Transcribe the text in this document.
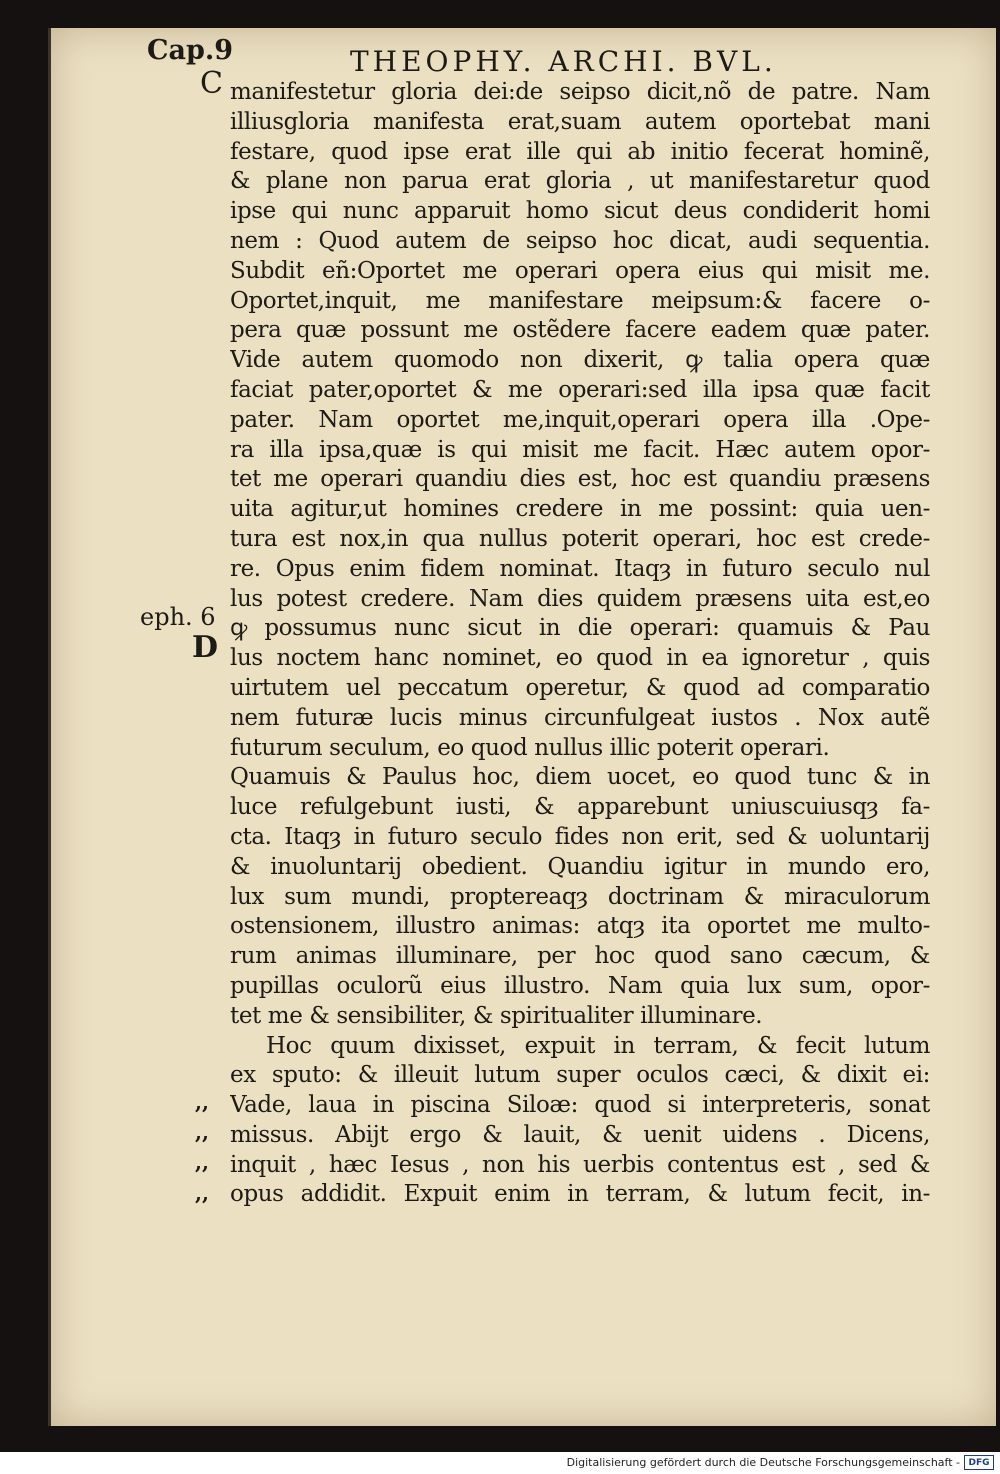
Cap.9	THEOPHY. ARCHI. BVL.
C
eph. 6
D
,,
,,
,,
,,
manifestetur gloria dei:de seipso dicit,nõ de patre. Nam
illiusgloria manifesta erat,suam autem oportebat mani
festare, quod ipse erat ille qui ab initio fecerat hominẽ,
& plane non parua erat gloria , ut manifestaretur quod
ipse qui nunc apparuit homo sicut deus condiderit homi
nem : Quod autem de seipso hoc dicat, audi sequentia.
Subdit eñ:Oportet me operari opera eius qui misit me.
Oportet,inquit, me manifestare meipsum:& facere o-
pera quæ possunt me ostẽdere facere eadem quæ pater.
Vide autem quomodo non dixerit, ꝙ talia opera quæ
faciat pater,oportet & me operari:sed illa ipsa quæ facit
pater. Nam oportet me,inquit,operari opera illa .Ope-
ra illa ipsa,quæ is qui misit me facit. Hæc autem opor-
tet me operari quandiu dies est, hoc est quandiu præsens
uita agitur,ut homines credere in me possint: quia uen-
tura est nox,in qua nullus poterit operari, hoc est crede-
re. Opus enim fidem nominat. Itaqȝ in futuro seculo nul
lus potest credere. Nam dies quidem præsens uita est,eo
ꝙ possumus nunc sicut in die operari: quamuis & Pau
lus noctem hanc nominet, eo quod in ea ignoretur , quis
uirtutem uel peccatum operetur, & quod ad comparatio
nem futuræ lucis minus circunfulgeat iustos . Nox autẽ
futurum seculum, eo quod nullus illic poterit operari.
Quamuis & Paulus hoc, diem uocet, eo quod tunc & in
luce refulgebunt iusti, & apparebunt uniuscuiusqȝ fa-
cta. Itaqȝ in futuro seculo fides non erit, sed & uoluntarij
& inuoluntarij obedient. Quandiu igitur in mundo ero,
lux sum mundi, proptereaqȝ doctrinam & miraculorum
ostensionem, illustro animas: atqȝ ita oportet me multo-
rum animas illuminare, per hoc quod sano cæcum, &
pupillas oculorũ eius illustro. Nam quia lux sum, opor-
tet me & sensibiliter, & spiritualiter illuminare.
Hoc quum dixisset, expuit in terram, & fecit lutum
ex sputo: & illeuit lutum super oculos cæci, & dixit ei:
Vade, laua in piscina Siloæ: quod si interpreteris, sonat
missus. Abijt ergo & lauit, & uenit uidens . Dicens,
inquit , hæc Iesus , non his uerbis contentus est , sed &
opus addidit. Expuit enim in terram, & lutum fecit, in-
Digitalisierung gefördert durch die Deutsche Forschungsgemeinschaft - DFG
